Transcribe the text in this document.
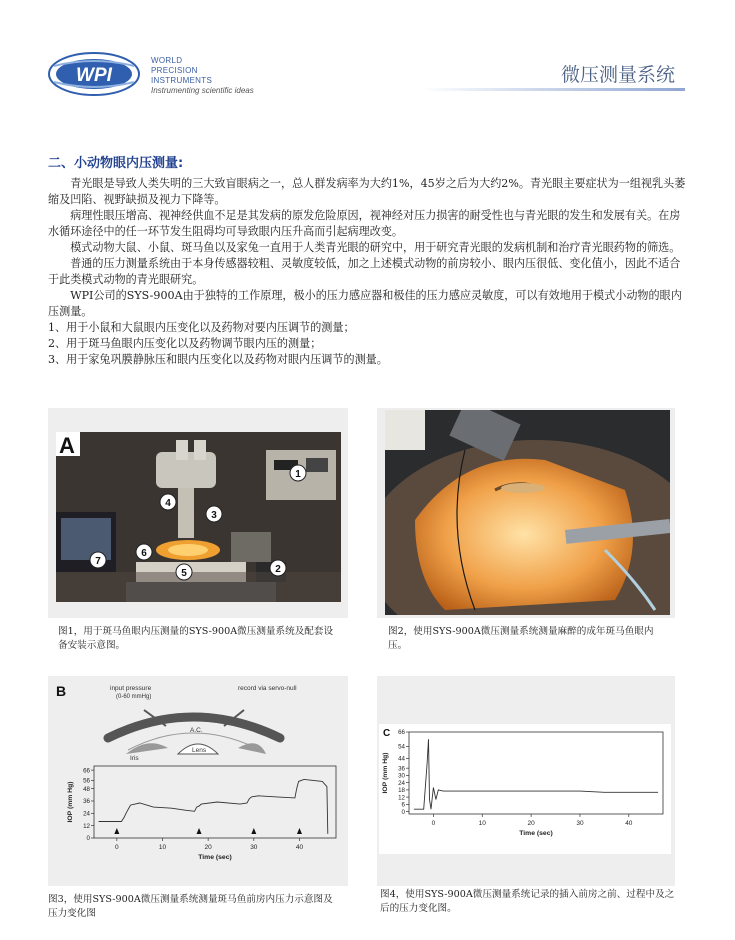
WPI
WORLD
PRECISION
INSTRUMENTS
Instrumenting scientific ideas
微压测量系统
二、小动物眼内压测量:

青光眼是导致人类失明的三大致盲眼病之一，总人群发病率为大约1%，45岁之后为大约2%。青光眼主要症状为一组视乳头萎缩及凹陷、视野缺损及视力下降等。

病理性眼压增高、视神经供血不足是其发病的原发危险原因，视神经对压力损害的耐受性也与青光眼的发生和发展有关。在房水循环途径中的任一环节发生阻碍均可导致眼内压升高而引起病理改变。

模式动物大鼠、小鼠、斑马鱼以及家兔一直用于人类青光眼的研究中，用于研究青光眼的发病机制和治疗青光眼药物的筛选。

普通的压力测量系统由于本身传感器较粗、灵敏度较低，加之上述模式动物的前房较小、眼内压很低、变化值小，因此不适合于此类模式动物的青光眼研究。

WPI公司的SYS-900A由于独特的工作原理，极小的压力感应器和极佳的压力感应灵敏度，可以有效地用于模式小动物的眼内压测量。

1、用于小鼠和大鼠眼内压变化以及药物对要内压调节的测量；

2、用于斑马鱼眼内压变化以及药物调节眼内压的测量；

3、用于家兔巩膜静脉压和眼内压变化以及药物对眼内压调节的测量。

A
1
2
3
4
5
6
7
图1，用于斑马鱼眼内压测量的SYS-900A微压测量系统及配套设备安装示意图。
图2，使用SYS-900A微压测量系统测量麻醉的成年斑马鱼眼内压。
B	input pressure
(0-60 mmHg)
record via servo-null
A.C.
Iris
Lens
0	10	20	30	40
0
12
24
36
48
56
66
Time (sec)
IOP (mm Hg)
图3，使用SYS-900A微压测量系统测量斑马鱼前房内压力示意图及压力变化图
C
0	10	20	30	40
0
6
12
18
24
30
36
44
54
66
Time (sec)
IOP (mm Hg)
图4，使用SYS-900A微压测量系统记录的插入前房之前、过程中及之后的压力变化图。
